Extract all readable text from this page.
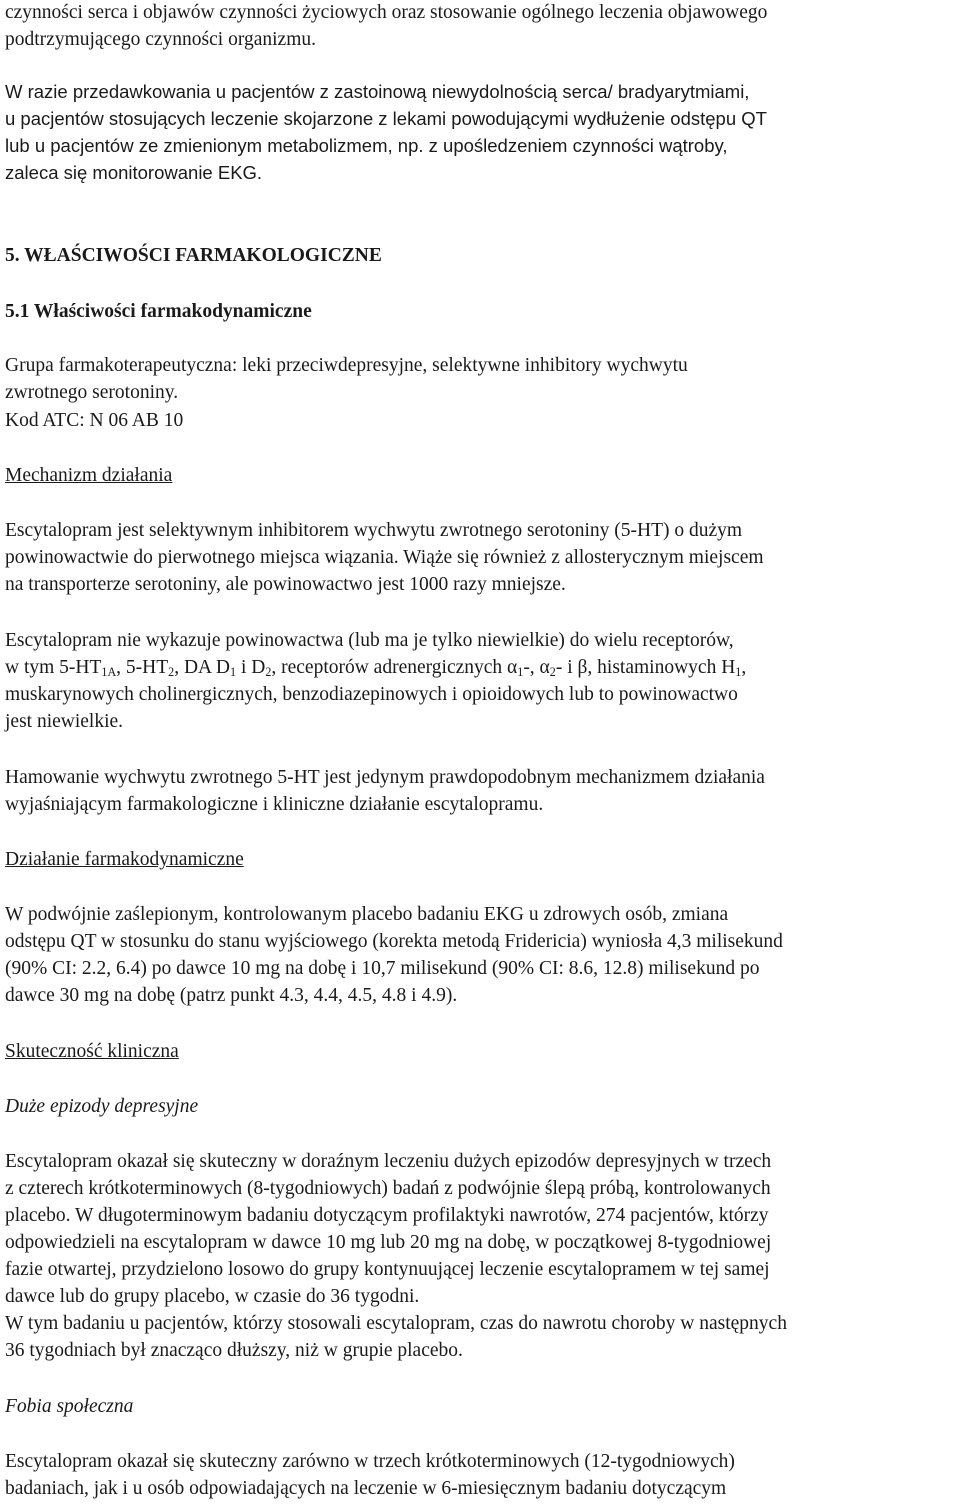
czynności serca i objawów czynności życiowych oraz stosowanie ogólnego leczenia objawowego
podtrzymującego czynności organizmu.
W razie przedawkowania u pacjentów z zastoinową niewydolnością serca/ bradyarytmiami,
u pacjentów stosujących leczenie skojarzone z lekami powodującymi wydłużenie odstępu QT
lub u pacjentów ze zmienionym metabolizmem, np. z upośledzeniem czynności wątroby,
zaleca się monitorowanie EKG.
5. WŁAŚCIWOŚCI FARMAKOLOGICZNE
5.1 Właściwości farmakodynamiczne
Grupa farmakoterapeutyczna: leki przeciwdepresyjne, selektywne inhibitory wychwytu
zwrotnego serotoniny.
Kod ATC: N 06 AB 10
Mechanizm działania
Escytalopram jest selektywnym inhibitorem wychwytu zwrotnego serotoniny (5-HT) o dużym
powinowactwie do pierwotnego miejsca wiązania. Wiąże się również z allosterycznym miejscem
na transporterze serotoniny, ale powinowactwo jest 1000 razy mniejsze.
Escytalopram nie wykazuje powinowactwa (lub ma je tylko niewielkie) do wielu receptorów,
w tym $5-HT_{1A}$, $5-HT_2$, DA $D_1$ i $D_2$, receptorów adrenergicznych $\alpha_1-$, $\alpha_2-$ i β, histaminowych $H_1$,
muskarynowych cholinergicznych, benzodiazepinowych i opioidowych lub to powinowactwo
jest niewielkie.
Hamowanie wychwytu zwrotnego 5-HT jest jedynym prawdopodobnym mechanizmem działania
wyjaśniającym farmakologiczne i kliniczne działanie escytalopramu.
Działanie farmakodynamiczne
W podwójnie zaślepionym, kontrolowanym placebo badaniu EKG u zdrowych osób, zmiana
odstępu QT w stosunku do stanu wyjściowego (korekta metodą Fridericia) wyniosła 4,3 milisekund
(90% CI: 2.2, 6.4) po dawce 10 mg na dobę i 10,7 milisekund (90% CI: 8.6, 12.8) milisekund po
dawce 30 mg na dobę (patrz punkt 4.3, 4.4, 4.5, 4.8 i 4.9).
Skuteczność kliniczna
Duże epizody depresyjne
Escytalopram okazał się skuteczny w doraźnym leczeniu dużych epizodów depresyjnych w trzech
z czterech krótkoterminowych (8-tygodniowych) badań z podwójnie ślepą próbą, kontrolowanych
placebo. W długoterminowym badaniu dotyczącym profilaktyki nawrotów, 274 pacjentów, którzy
odpowiedzieli na escytalopram w dawce 10 mg lub 20 mg na dobę, w początkowej 8-tygodniowej
fazie otwartej, przydzielono losowo do grupy kontynuującej leczenie escytalopramem w tej samej
dawce lub do grupy placebo, w czasie do 36 tygodni.
W tym badaniu u pacjentów, którzy stosowali escytalopram, czas do nawrotu choroby w następnych
36 tygodniach był znacząco dłuższy, niż w grupie placebo.
Fobia społeczna
Escytalopram okazał się skuteczny zarówno w trzech krótkoterminowych (12-tygodniowych)
badaniach, jak i u osób odpowiadających na leczenie w 6-miesięcznym badaniu dotyczącym
